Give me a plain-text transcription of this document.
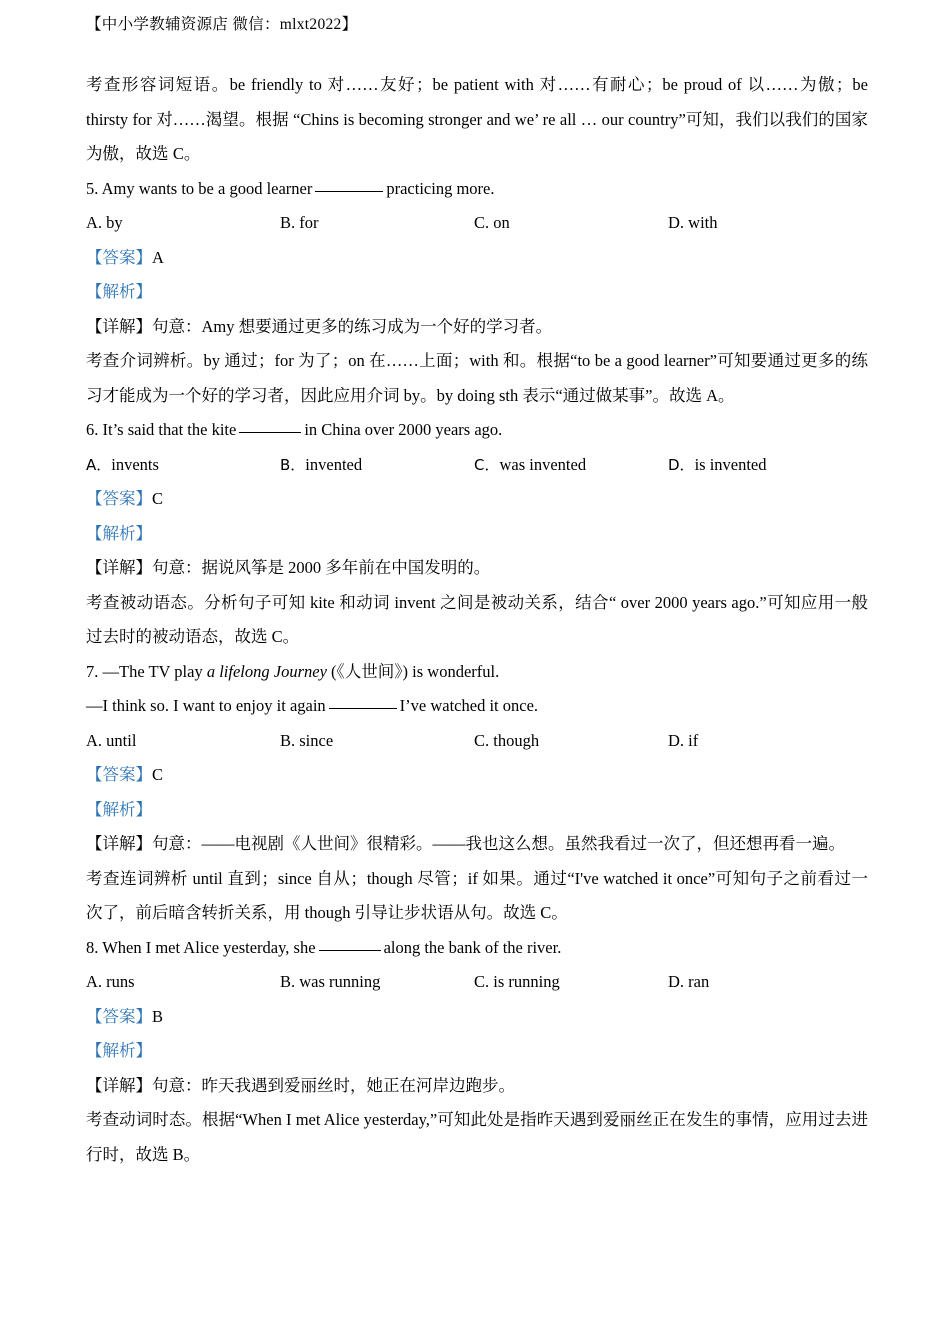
【中小学教辅资源店 微信：mlxt2022】

考查形容词短语。be friendly to 对……友好；be patient with 对……有耐心；be proud of 以……为傲；be thirsty for 对……渴望。根据 “Chins is becoming stronger and we’ re all … our country”可知，我们以我们的国家为傲，故选 C。

5. Amy wants to be a good learner	practicing more.

A. by	B. for	C. on	D. with

【答案】A

【解析】

【详解】句意：Amy 想要通过更多的练习成为一个好的学习者。

考查介词辨析。by 通过；for 为了；on 在……上面；with 和。根据“to be a good learner”可知要通过更多的练习才能成为一个好的学习者，因此应用介词 by。by doing sth 表示“通过做某事”。故选 A。

6. It’s said that the kite	in China over 2000 years ago.

A．invents	B．invented	C．was invented	D．is invented

【答案】C

【解析】

【详解】句意：据说风筝是 2000 多年前在中国发明的。

考查被动语态。分析句子可知 kite 和动词 invent 之间是被动关系，结合“ over 2000 years ago.”可知应用一般过去时的被动语态，故选 C。

7. —The TV play a lifelong Journey (《人世间》) is wonderful.

—I think so. I want to enjoy it again	I’ve watched it once.

A. until	B. since	C. though	D. if

【答案】C

【解析】

【详解】句意：——电视剧《人世间》很精彩。——我也这么想。虽然我看过一次了，但还想再看一遍。

考查连词辨析 until 直到；since 自从；though 尽管；if 如果。通过“I've watched it once”可知句子之前看过一次了，前后暗含转折关系，用 though 引导让步状语从句。故选 C。

8. When I met Alice yesterday, she	along the bank of the river.

A. runs	B. was running	C. is running	D. ran

【答案】B

【解析】

【详解】句意：昨天我遇到爱丽丝时，她正在河岸边跑步。

考查动词时态。根据“When I met Alice yesterday,”可知此处是指昨天遇到爱丽丝正在发生的事情，应用过去进行时，故选 B。
